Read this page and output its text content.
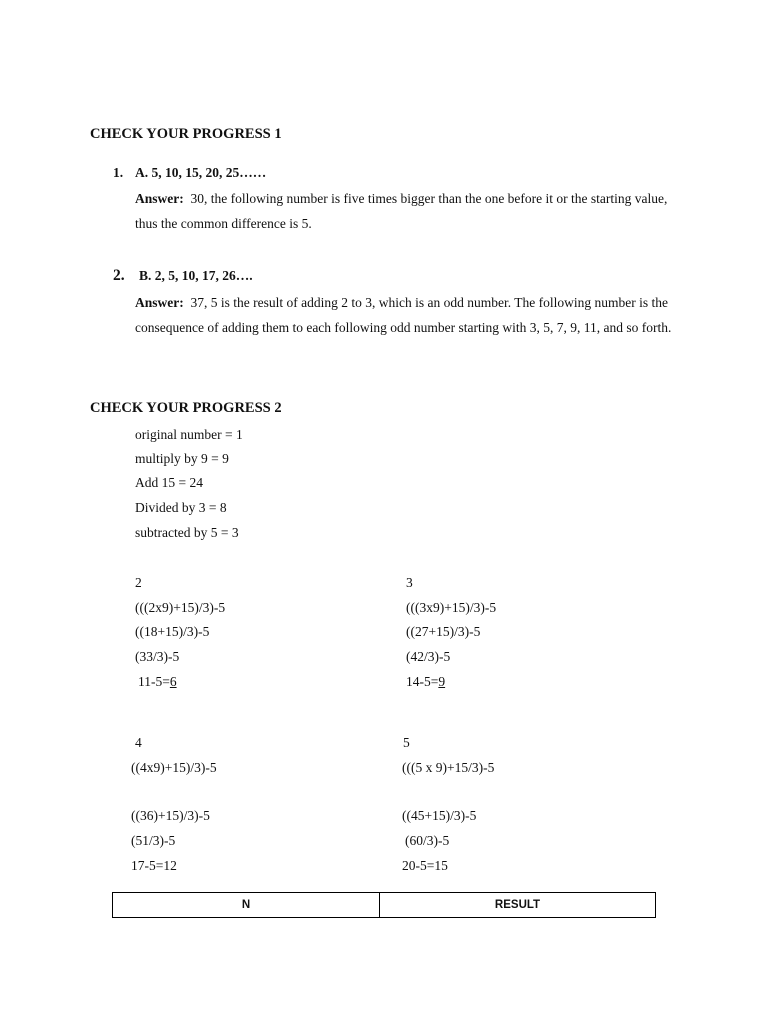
CHECK YOUR PROGRESS 1
1. A. 5, 10, 15, 20, 25……
Answer: 30, the following number is five times bigger than the one before it or the starting value, thus the common difference is 5.
2. B. 2, 5, 10, 17, 26….
Answer: 37, 5 is the result of adding 2 to 3, which is an odd number. The following number is the consequence of adding them to each following odd number starting with 3, 5, 7, 9, 11, and so forth.
CHECK YOUR PROGRESS 2
original number = 1
multiply by 9 = 9
Add 15 = 24
Divided by 3 = 8
subtracted by 5 = 3
2
(((2x9)+15)/3)-5
((18+15)/3)-5
(33/3)-5
11-5=6
3
(((3x9)+15)/3)-5
((27+15)/3)-5
(42/3)-5
14-5=9
4
((4x9)+15)/3)-5
((36)+15)/3)-5
(51/3)-5
17-5=12
5
(((5 x 9)+15/3)-5
((45+15)/3)-5
(60/3)-5
20-5=15
N	RESULT
